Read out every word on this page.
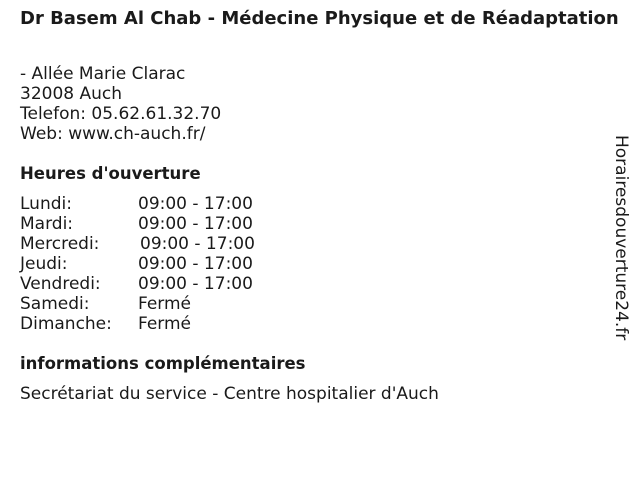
Dr Basem Al Chab - Médecine Physique et de Réadaptation
- Allée Marie Clarac
32008 Auch
Telefon: 05.62.61.32.70
Web: www.ch-auch.fr/
Heures d'ouverture
Lundi:	09:00 - 17:00
Mardi:	09:00 - 17:00
Mercredi: 09:00 - 17:00
Jeudi:	09:00 - 17:00
Vendredi: 09:00 - 17:00
Samedi:	Fermé
Dimanche: Fermé
informations complémentaires
Secrétariat du service - Centre hospitalier d'Auch
Horairesdouverture24.fr
